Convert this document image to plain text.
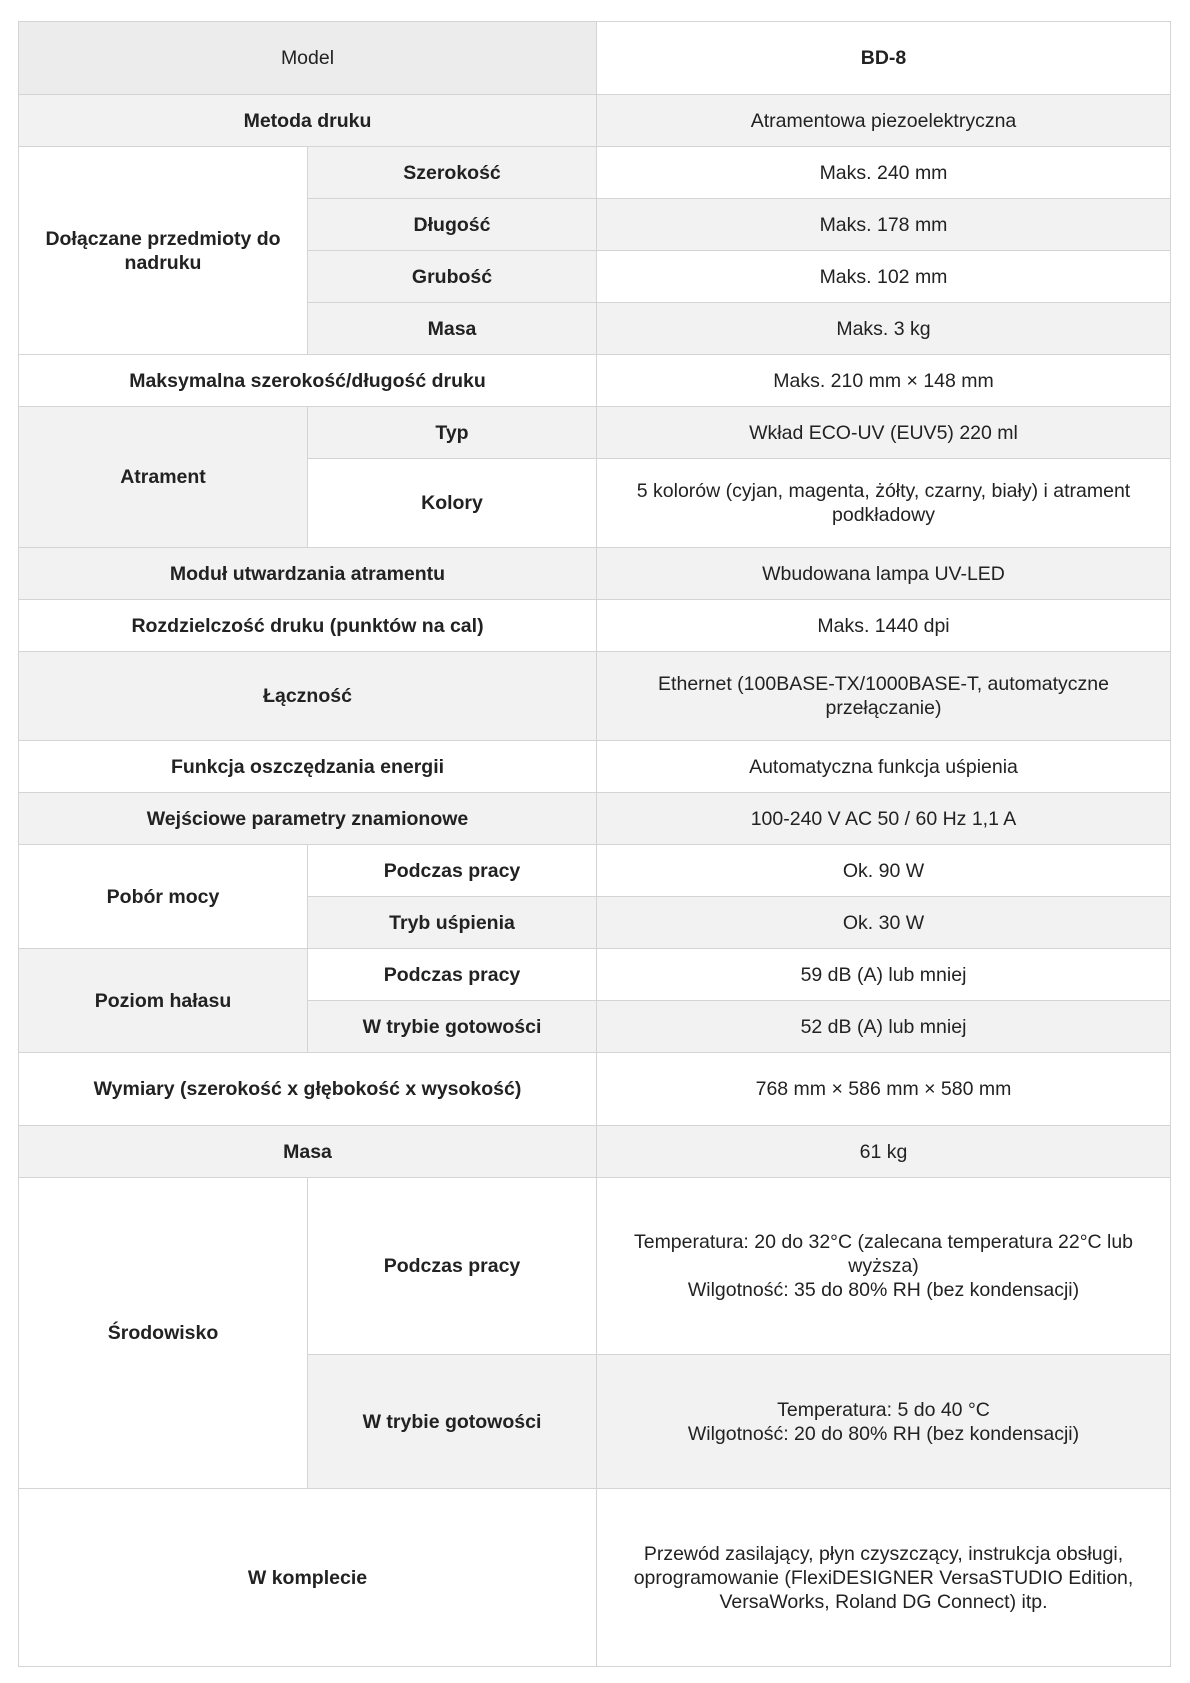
Model		BD-8
Metoda druku		Atramentowa piezoelektryczna
Dołączane przedmioty do nadruku	Szerokość	Maks. 240 mm
	Długość	Maks. 178 mm
	Grubość	Maks. 102 mm
	Masa	Maks. 3 kg
Maksymalna szerokość/długość druku		Maks. 210 mm × 148 mm
Atrament	Typ	Wkład ECO-UV (EUV5) 220 ml
	Kolory	5 kolorów (cyjan, magenta, żółty, czarny, biały) i atrament podkładowy
Moduł utwardzania atramentu		Wbudowana lampa UV-LED
Rozdzielczość druku (punktów na cal)		Maks. 1440 dpi
Łączność		Ethernet (100BASE-TX/1000BASE-T, automatyczne przełączanie)
Funkcja oszczędzania energii		Automatyczna funkcja uśpienia
Wejściowe parametry znamionowe		100-240 V AC 50 / 60 Hz 1,1 A
Pobór mocy	Podczas pracy	Ok. 90 W
	Tryb uśpienia	Ok. 30 W
Poziom hałasu	Podczas pracy	59 dB (A) lub mniej
	W trybie gotowości	52 dB (A) lub mniej
Wymiary (szerokość x głębokość x wysokość)		768 mm × 586 mm × 580 mm
Masa		61 kg
Środowisko	Podczas pracy	Temperatura: 20 do 32°C (zalecana temperatura 22°C lub wyższa)
Wilgotność: 35 do 80% RH (bez kondensacji)
	W trybie gotowości	Temperatura: 5 do 40 °C
Wilgotność: 20 do 80% RH (bez kondensacji)
W komplecie		Przewód zasilający, płyn czyszczący, instrukcja obsługi, oprogramowanie (FlexiDESIGNER VersaSTUDIO Edition, VersaWorks, Roland DG Connect) itp.
